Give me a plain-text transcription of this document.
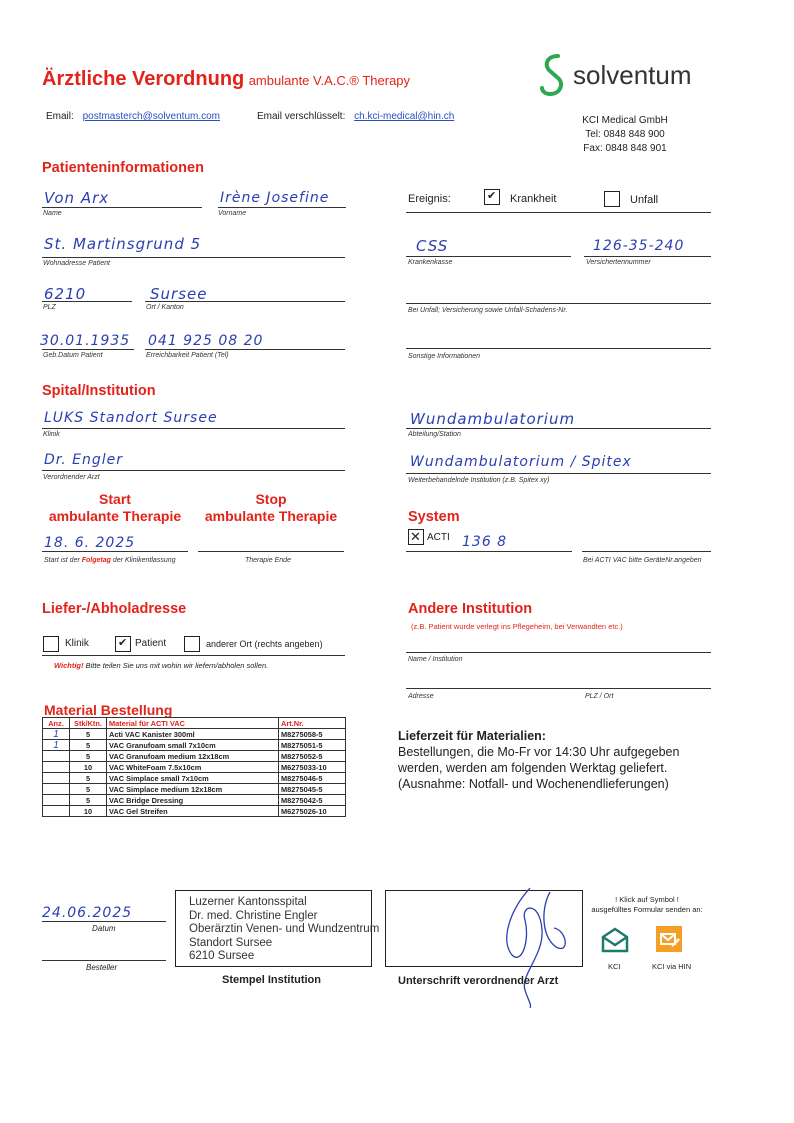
Ärztliche Verordnung ambulante V.A.C.® Therapy
Email: postmasterch@solventum.com	Email verschlüsselt: ch.kci-medical@hin.ch
solventum
KCI Medical GmbH
Tel: 0848 848 900
Fax: 0848 848 901
Patienteninformationen
Von Arx
Name
Irène Josefine
Vorname
St. Martinsgrund 5
Wohnadresse Patient
6210
PLZ
Sursee
Ort / Kanton
30.01.1935
Geb.Datum Patient
041 925 08 20
Erreichbarkeit Patient (Tel)
Ereignis:	✔ Krankheit	Unfall
CSS
Krankenkasse
126-35-240
Versichertennummer
Bei Unfall; Versicherung sowie Unfall-Schadens-Nr.
Sonstige Informationen
Spital/Institution
LUKS Standort Sursee
Klinik
Dr. Engler
Verordnender Arzt
Wundambulatorium
Abteilung/Station
Wundambulatorium / Spitex
Weiterbehandelnde Institution (z.B. Spitex xy)
Start
ambulante Therapie
Stop
ambulante Therapie
18. 6. 2025
Start ist der Folgetag der Klinikentlassung	Therapie Ende
System
✕ ACTI 136 8
Bei ACTI VAC bitte GeräteNr.angeben
Liefer-/Abholadresse
Klinik	✔ Patient	anderer Ort (rechts angeben)
Wichtig! Bitte teilen Sie uns mit wohin wir liefern/abholen sollen.
Andere Institution
(z.B. Patient wurde verlegt ins Pflegeheim, bei Verwandten etc.)
Name / Institution
Adresse	PLZ / Ort
Material Bestellung
Anz.	Stk/Ktn.	Material für ACTI VAC	Art.Nr.
1	5	Acti VAC Kanister 300ml	M8275058-5
1	5	VAC Granufoam small 7x10cm	M8275051-5
	5	VAC Granufoam medium 12x18cm	M8275052-5
	10	VAC WhiteFoam 7.5x10cm	M6275033-10
	5	VAC Simplace small 7x10cm	M8275046-5
	5	VAC Simplace medium 12x18cm	M8275045-5
	5	VAC Bridge Dressing	M8275042-5
	10	VAC Gel Streifen	M6275026-10
Lieferzeit für Materialien:
Bestellungen, die Mo-Fr vor 14:30 Uhr aufgegeben
werden, werden am folgenden Werktag geliefert.
(Ausnahme: Notfall- und Wochenendlieferungen)
24.06.2025
Datum
Besteller
Luzerner Kantonsspital
Dr. med. Christine Engler
Oberärztin Venen- und Wundzentrum
Standort Sursee
6210 Sursee
Stempel Institution	Unterschrift verordnender Arzt
! Klick auf Symbol !
ausgefülltes Formular senden an:
KCI	KCI via HIN
